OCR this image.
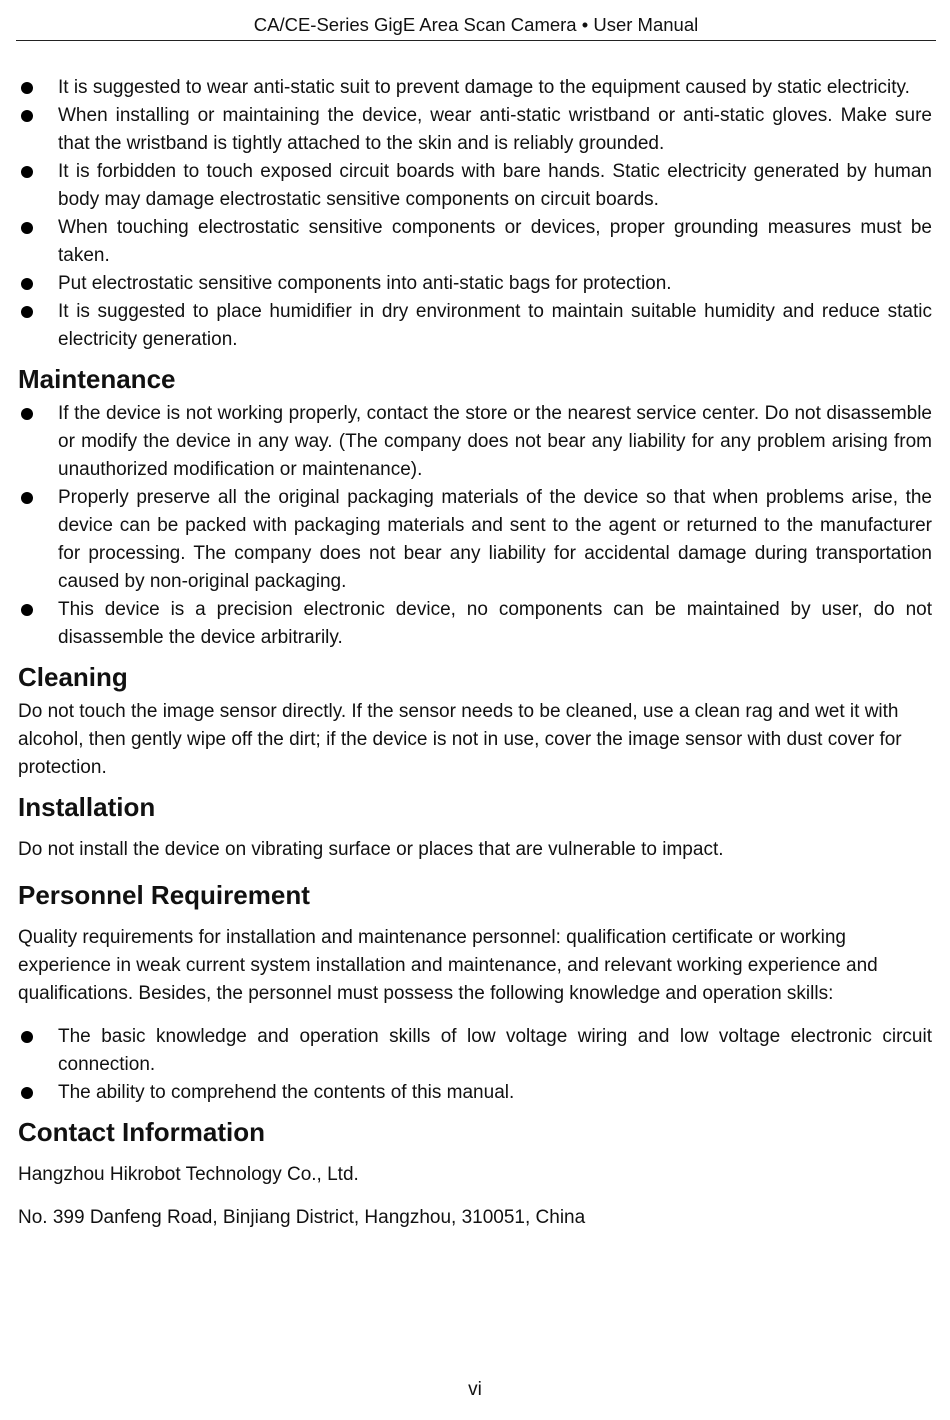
CA/CE-Series GigE Area Scan Camera • User Manual
It is suggested to wear anti-static suit to prevent damage to the equipment caused by static electricity.
When installing or maintaining the device, wear anti-static wristband or anti-static gloves. Make sure that the wristband is tightly attached to the skin and is reliably grounded.
It is forbidden to touch exposed circuit boards with bare hands. Static electricity generated by human body may damage electrostatic sensitive components on circuit boards.
When touching electrostatic sensitive components or devices, proper grounding measures must be taken.
Put electrostatic sensitive components into anti-static bags for protection.
It is suggested to place humidifier in dry environment to maintain suitable humidity and reduce static electricity generation.
Maintenance
If the device is not working properly, contact the store or the nearest service center. Do not disassemble or modify the device in any way. (The company does not bear any liability for any problem arising from unauthorized modification or maintenance).
Properly preserve all the original packaging materials of the device so that when problems arise, the device can be packed with packaging materials and sent to the agent or returned to the manufacturer for processing. The company does not bear any liability for accidental damage during transportation caused by non-original packaging.
This device is a precision electronic device, no components can be maintained by user, do not disassemble the device arbitrarily.
Cleaning

Do not touch the image sensor directly. If the sensor needs to be cleaned, use a clean rag and wet it with alcohol, then gently wipe off the dirt; if the device is not in use, cover the image sensor with dust cover for protection.

Installation

Do not install the device on vibrating surface or places that are vulnerable to impact.

Personnel Requirement

Quality requirements for installation and maintenance personnel: qualification certificate or working experience in weak current system installation and maintenance, and relevant working experience and qualifications. Besides, the personnel must possess the following knowledge and operation skills:

The basic knowledge and operation skills of low voltage wiring and low voltage electronic circuit connection.
The ability to comprehend the contents of this manual.
Contact Information

Hangzhou Hikrobot Technology Co., Ltd.

No. 399 Danfeng Road, Binjiang District, Hangzhou, 310051, China

vi
